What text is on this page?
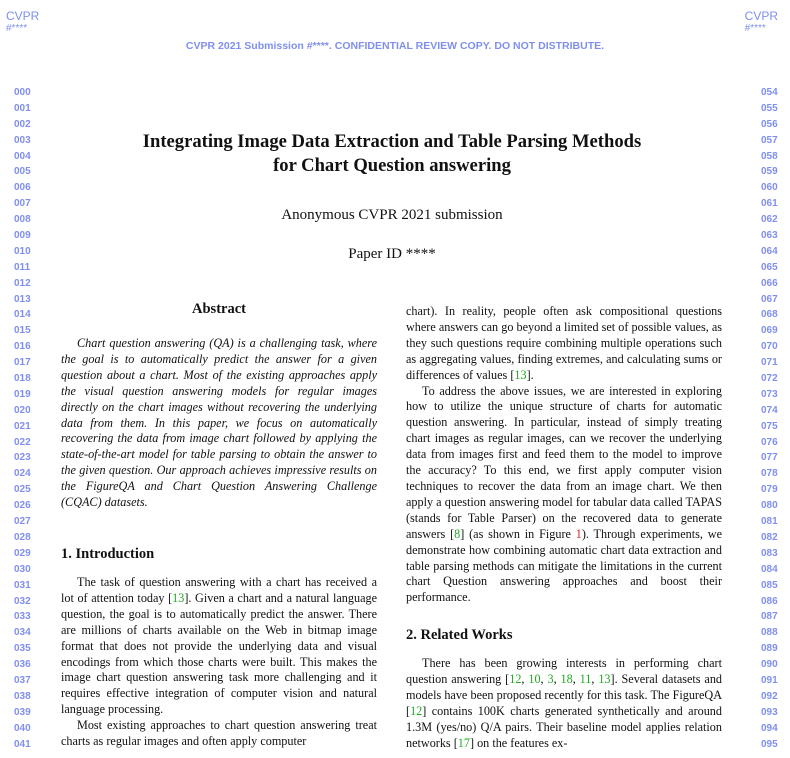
CVPR
#****
CVPR
#****
CVPR 2021 Submission #****. CONFIDENTIAL REVIEW COPY. DO NOT DISTRIBUTE.
000
001
002
003
004
005
006
007
008
009
010
011
012
013
014
015
016
017
018
019
020
021
022
023
024
025
026
027
028
029
030
031
032
033
034
035
036
037
038
039
040
041
054
055
056
057
058
059
060
061
062
063
064
065
066
067
068
069
070
071
072
073
074
075
076
077
078
079
080
081
082
083
084
085
086
087
088
089
090
091
092
093
094
095
Integrating Image Data Extraction and Table Parsing Methods
for Chart Question answering
Anonymous CVPR 2021 submission
Paper ID ****
Abstract

Chart question answering (QA) is a challenging task, where the goal is to automatically predict the answer for a given question about a chart. Most of the existing approaches apply the visual question answering models for regular images directly on the chart images without recovering the underlying data from them. In this paper, we focus on automatically recovering the data from image chart followed by applying the state-of-the-art model for table parsing to obtain the answer to the given question. Our approach achieves impressive results on the FigureQA and Chart Question Answering Challenge (CQAC) datasets.

1. Introduction

The task of question answering with a chart has received a lot of attention today [13]. Given a chart and a natural language question, the goal is to automatically predict the answer. There are millions of charts available on the Web in bitmap image format that does not provide the underlying data and visual encodings from which those charts were built. This makes the image chart question answering task more challenging and it requires effective integration of computer vision and natural language processing.

Most existing approaches to chart question answering treat charts as regular images and often apply computer

chart). In reality, people often ask compositional questions where answers can go beyond a limited set of possible values, as they such questions require combining multiple operations such as aggregating values, finding extremes, and calculating sums or differences of values [13].

To address the above issues, we are interested in exploring how to utilize the unique structure of charts for automatic question answering. In particular, instead of simply treating chart images as regular images, can we recover the underlying data from images first and feed them to the model to improve the accuracy? To this end, we first apply computer vision techniques to recover the data from an image chart. We then apply a question answering model for tabular data called TAPAS (stands for Table Parser) on the recovered data to generate answers [8] (as shown in Figure 1). Through experiments, we demonstrate how combining automatic chart data extraction and table parsing methods can mitigate the limitations in the current chart Question answering approaches and boost their performance.

2. Related Works

There has been growing interests in performing chart question answering [12, 10, 3, 18, 11, 13]. Several datasets and models have been proposed recently for this task. The FigureQA [12] contains 100K charts generated synthetically and around 1.3M (yes/no) Q/A pairs. Their baseline model applies relation networks [17] on the features ex-
